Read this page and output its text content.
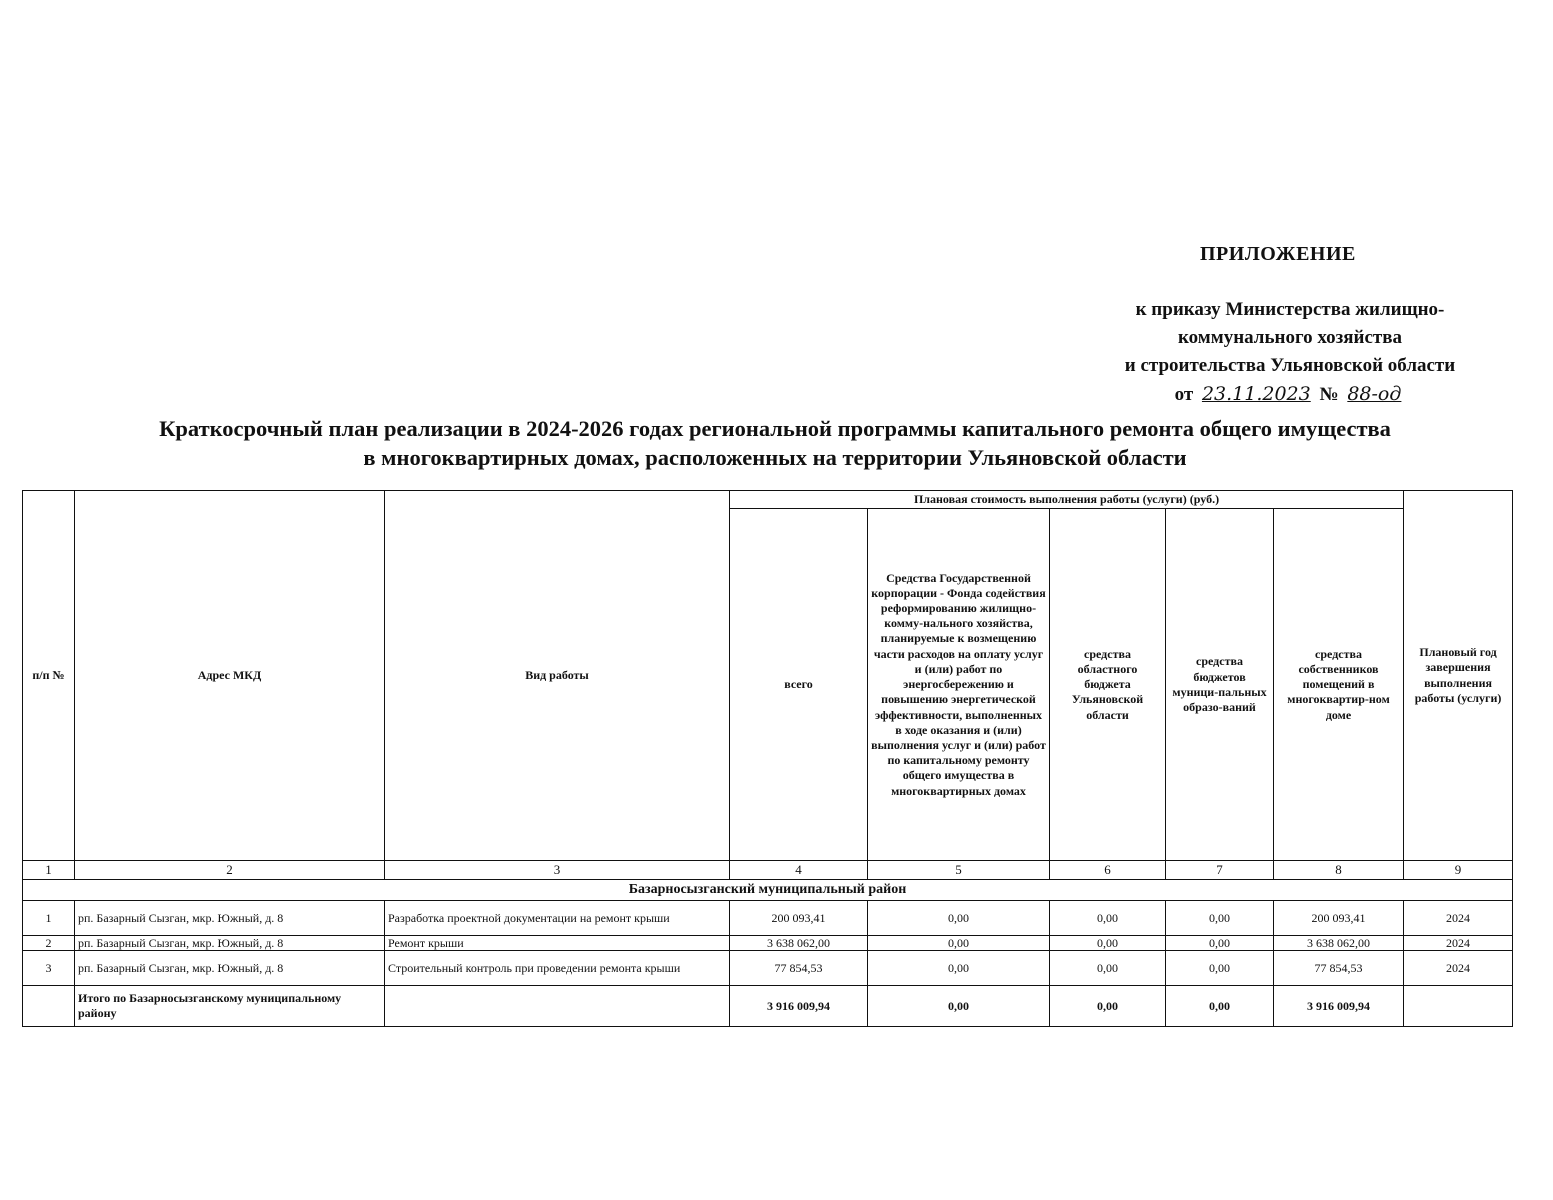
ПРИЛОЖЕНИЕ
к приказу Министерства жилищно-
коммунального хозяйства
и строительства Ульяновской области
от 23.11.2023 № 88-од
Краткосрочный план реализации в 2024-2026 годах региональной программы капитального ремонта общего имущества
в многоквартирных домах, расположенных на территории Ульяновской области
п/п №	Адрес МКД	Вид работы	Плановая стоимость выполнения работы (услуги) (руб.)					Плановый год завершения выполнения работы (услуги)
			всего	Средства Государственной корпорации - Фонда содействия реформированию жилищно-комму-нального хозяйства, планируемые к возмещению части расходов на оплату услуг и (или) работ по энергосбережению и повышению энергетической эффективности, выполненных в ходе оказания и (или) выполнения услуг и (или) работ по капитальному ремонту общего имущества в многоквартирных домах	средства областного бюджета Ульяновской области	средства бюджетов муници-пальных образо-ваний	средства собственников помещений в многоквартир-ном доме	
1	2	3	4	5	6	7	8	9
Базарносызганский муниципальный район								
1	рп. Базарный Сызган, мкр. Южный, д. 8	Разработка проектной документации на ремонт крыши	200 093,41	0,00	0,00	0,00	200 093,41	2024
2	рп. Базарный Сызган, мкр. Южный, д. 8	Ремонт крыши	3 638 062,00	0,00	0,00	0,00	3 638 062,00	2024
3	рп. Базарный Сызган, мкр. Южный, д. 8	Строительный контроль при проведении ремонта крыши	77 854,53	0,00	0,00	0,00	77 854,53	2024
	Итого по Базарносызганскому муниципальному району		3 916 009,94	0,00	0,00	0,00	3 916 009,94	
